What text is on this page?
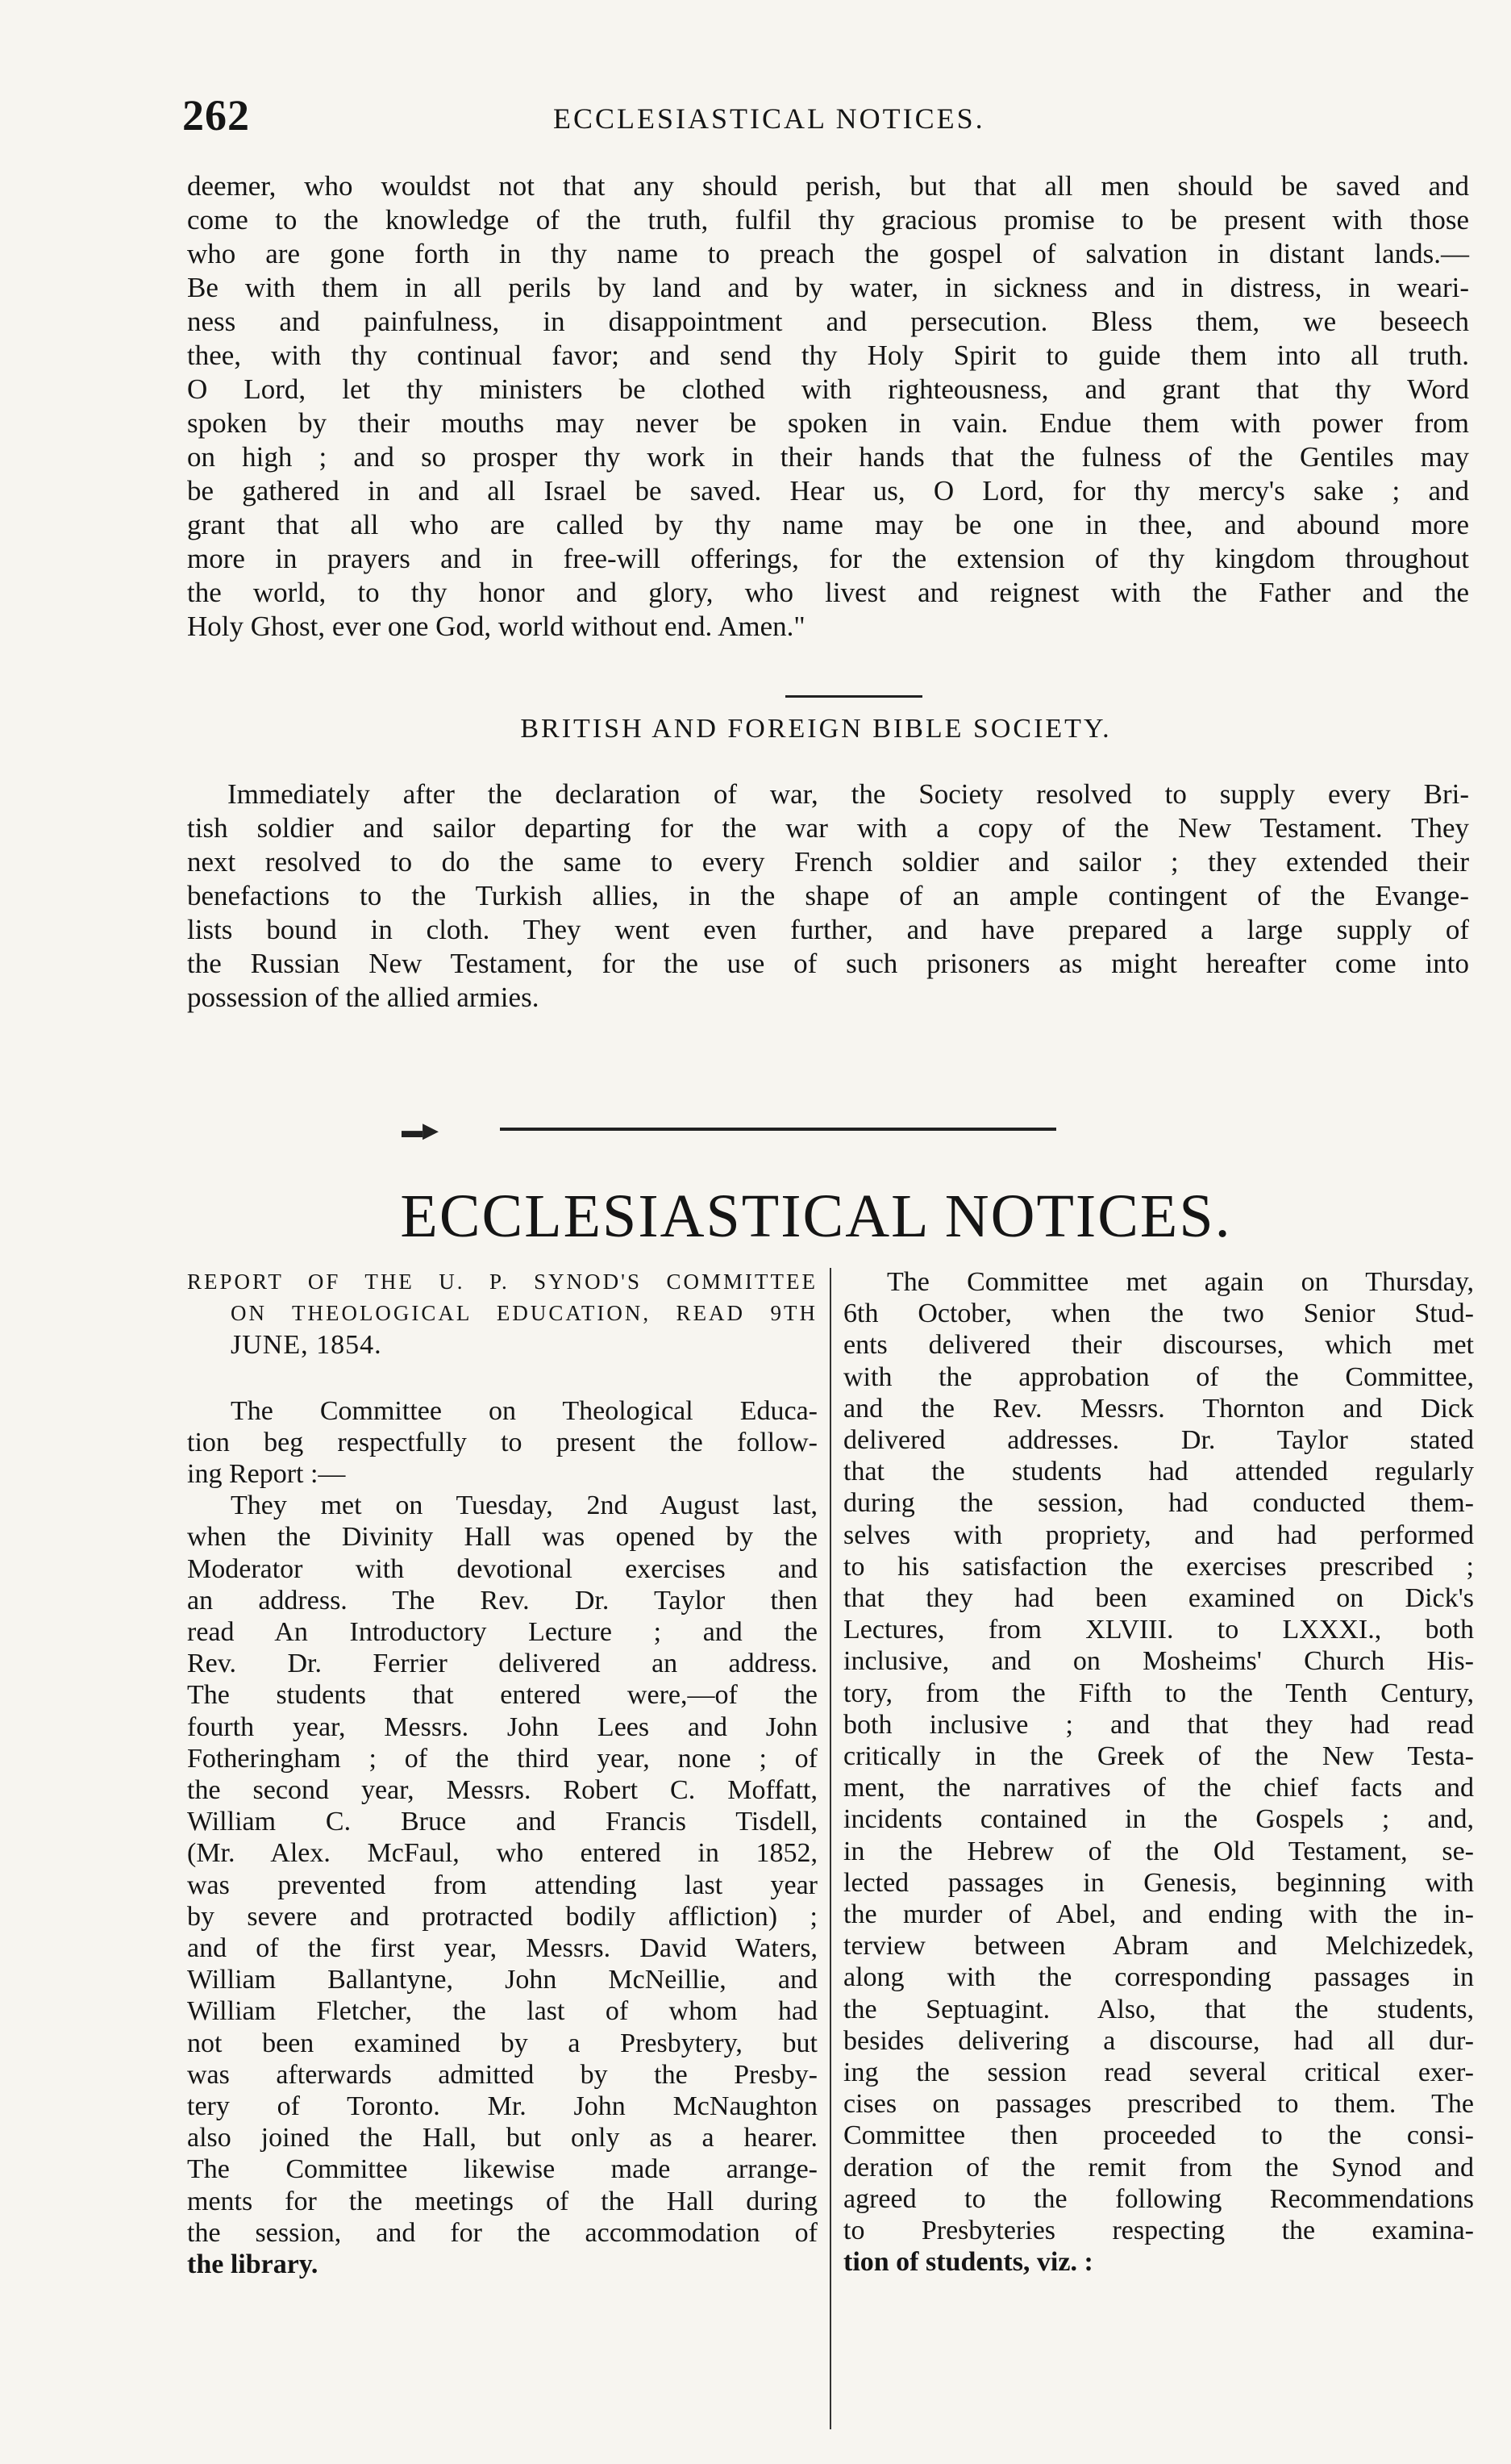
262	ECCLESIASTICAL NOTICES.
deemer, who wouldst not that any should perish, but that all men should be saved and
come to the knowledge of the truth, fulfil thy gracious promise to be present with those
who are gone forth in thy name to preach the gospel of salvation in distant lands.—
Be with them in all perils by land and by water, in sickness and in distress, in weari-
ness and painfulness, in disappointment and persecution. Bless them, we beseech
thee, with thy continual favor; and send thy Holy Spirit to guide them into all truth.
O Lord, let thy ministers be clothed with righteousness, and grant that thy Word
spoken by their mouths may never be spoken in vain. Endue them with power from
on high ; and so prosper thy work in their hands that the fulness of the Gentiles may
be gathered in and all Israel be saved. Hear us, O Lord, for thy mercy's sake ; and
grant that all who are called by thy name may be one in thee, and abound more
more in prayers and in free-will offerings, for the extension of thy kingdom throughout
the world, to thy honor and glory, who livest and reignest with the Father and the
Holy Ghost, ever one God, world without end. Amen."
BRITISH AND FOREIGN BIBLE SOCIETY.
Immediately after the declaration of war, the Society resolved to supply every Bri-
tish soldier and sailor departing for the war with a copy of the New Testament. They
next resolved to do the same to every French soldier and sailor ; they extended their
benefactions to the Turkish allies, in the shape of an ample contingent of the Evange-
lists bound in cloth. They went even further, and have prepared a large supply of
the Russian New Testament, for the use of such prisoners as might hereafter come into
possession of the allied armies.
▬▶
ECCLESIASTICAL NOTICES.
REPORT OF THE U. P. SYNOD'S COMMITTEE
ON THEOLOGICAL EDUCATION, READ 9TH
JUNE, 1854.
The Committee on Theological Educa-
tion beg respectfully to present the follow-
ing Report :—
They met on Tuesday, 2nd August last,
when the Divinity Hall was opened by the
Moderator with devotional exercises and
an address. The Rev. Dr. Taylor then
read An Introductory Lecture ; and the
Rev. Dr. Ferrier delivered an address.
The students that entered were,—of the
fourth year, Messrs. John Lees and John
Fotheringham ; of the third year, none ; of
the second year, Messrs. Robert C. Moffatt,
William C. Bruce and Francis Tisdell,
(Mr. Alex. McFaul, who entered in 1852,
was prevented from attending last year
by severe and protracted bodily affliction) ;
and of the first year, Messrs. David Waters,
William Ballantyne, John McNeillie, and
William Fletcher, the last of whom had
not been examined by a Presbytery, but
was afterwards admitted by the Presby-
tery of Toronto. Mr. John McNaughton
also joined the Hall, but only as a hearer.
The Committee likewise made arrange-
ments for the meetings of the Hall during
the session, and for the accommodation of
the library.
The Committee met again on Thursday,
6th October, when the two Senior Stud-
ents delivered their discourses, which met
with the approbation of the Committee,
and the Rev. Messrs. Thornton and Dick
delivered addresses. Dr. Taylor stated
that the students had attended regularly
during the session, had conducted them-
selves with propriety, and had performed
to his satisfaction the exercises prescribed ;
that they had been examined on Dick's
Lectures, from XLVIII. to LXXXI., both
inclusive, and on Mosheims' Church His-
tory, from the Fifth to the Tenth Century,
both inclusive ; and that they had read
critically in the Greek of the New Testa-
ment, the narratives of the chief facts and
incidents contained in the Gospels ; and,
in the Hebrew of the Old Testament, se-
lected passages in Genesis, beginning with
the murder of Abel, and ending with the in-
terview between Abram and Melchizedek,
along with the corresponding passages in
the Septuagint. Also, that the students,
besides delivering a discourse, had all dur-
ing the session read several critical exer-
cises on passages prescribed to them. The
Committee then proceeded to the consi-
deration of the remit from the Synod and
agreed to the following Recommendations
to Presbyteries respecting the examina-
tion of students, viz. :
